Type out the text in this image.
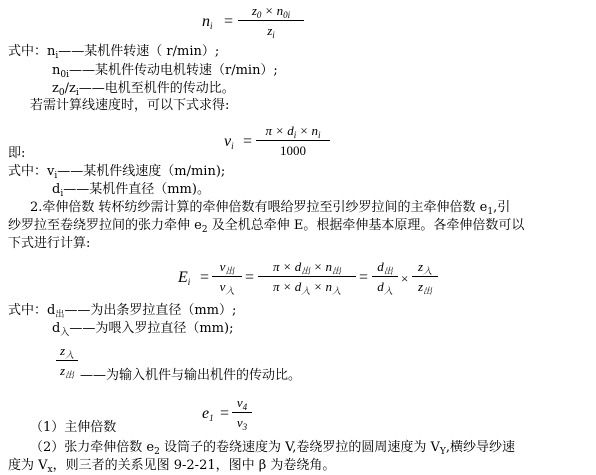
$n_i$ =
$z_0 \times n_{0i}$
$z_i$
式中：$n_i——$某机件转速（ r/min）;
$n_{0i}——$某机件传动电机转速（r/min）;
$z_0/z_i——$电机至机件的传动比。
若需计算线速度时，可以下式求得:
$v_i$ =
$\pi \times d_i \times n_i$
1000
即:
式中：$v_i——$某机件线速度（m/min);
$d_i——$某机件直径（mm)。
2.牵伸倍数 转杯纺纱需计算的牵伸倍数有喂给罗拉至引纱罗拉间的主牵伸倍数 $e_1$,引
纱罗拉至卷绕罗拉间的张力牵伸 $e_2$ 及全机总牵伸 E。根据牵伸基本原理。各牵伸倍数可以
下式进行计算:
$E_i$ =
$v_出$
$v_入$
=
$\pi \times d_出 \times n_出$
$\pi \times d_入 \times n_入$
=
$d_出$
$d_入$
×
$z_入$
$z_出$
式中：$d_出——$为出条罗拉直径（mm）;
$d_入——$为喂入罗拉直径（mm);
$z_入$
$z_出$ ——为输入机件与输出机件的传动比。
$e_1$ =
$v_4$
$v_3$
（1）主伸倍数
（2）张力牵伸倍数 $e_2$ 设筒子的卷绕速度为 V,卷绕罗拉的圆周速度为 $V_Y$,横纱导纱速
度为 $V_x$，则三者的关系见图 9-2-21，图中 β 为卷绕角。
